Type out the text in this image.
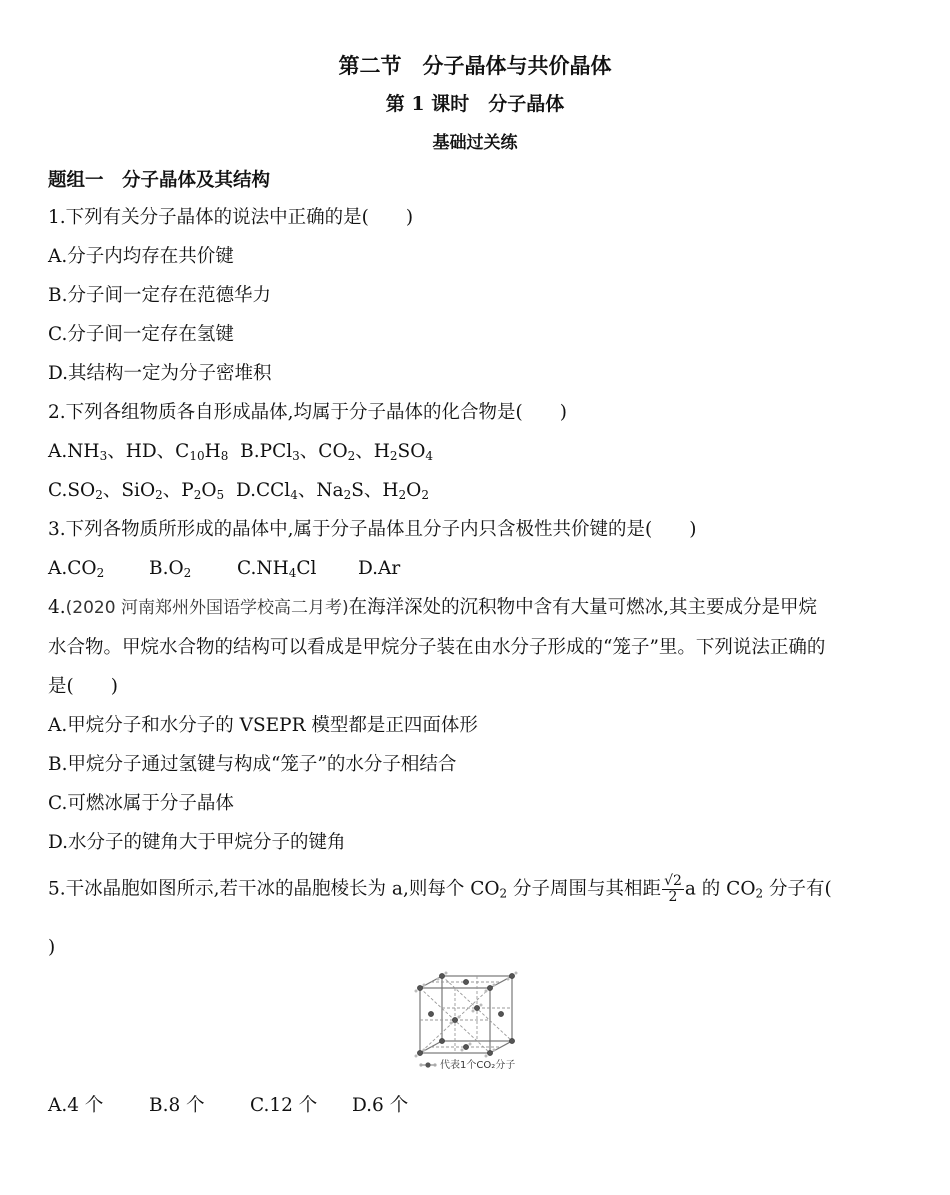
第二节　分子晶体与共价晶体
第 1 课时　分子晶体
基础过关练
题组一　分子晶体及其结构
1.下列有关分子晶体的说法中正确的是(　　)
A.分子内均存在共价键
B.分子间一定存在范德华力
C.分子间一定存在氢键
D.其结构一定为分子密堆积
2.下列各组物质各自形成晶体,均属于分子晶体的化合物是(　　)
$A.NH_3$、HD、$C_{10}H_8$ B.PCl$_3$、$CO_2$、$H_2SO_4$
$C.SO_2$、SiO$_2$、$P_2O_5$ D.CCl$_4$、$Na_2S$、$H_2O_2$
3.下列各物质所形成的晶体中,属于分子晶体且分子内只含极性共价键的是(　　)
$A.CO_2$ $B.O_2$ $C.NH_4Cl$ D.Ar
4.(2020 河南郑州外国语学校高二月考)在海洋深处的沉积物中含有大量可燃冰,其主要成分是甲烷
水合物。甲烷水合物的结构可以看成是甲烷分子装在由水分子形成的“笼子”里。下列说法正确的
是(　　)
A.甲烷分子和水分子的 VSEPR 模型都是正四面体形
B.甲烷分子通过氢键与构成“笼子”的水分子相结合
C.可燃冰属于分子晶体
D.水分子的键角大于甲烷分子的键角
5.干冰晶胞如图所示,若干冰的晶胞棱长为 a,则每个 $CO_2$ 分子周围与其相距 $\frac{√2}{2}$ a 的 $CO_2$ 分子有(
)
代表1个CO₂分子
A.4 个 B.8 个 C.12 个 D.6 个
